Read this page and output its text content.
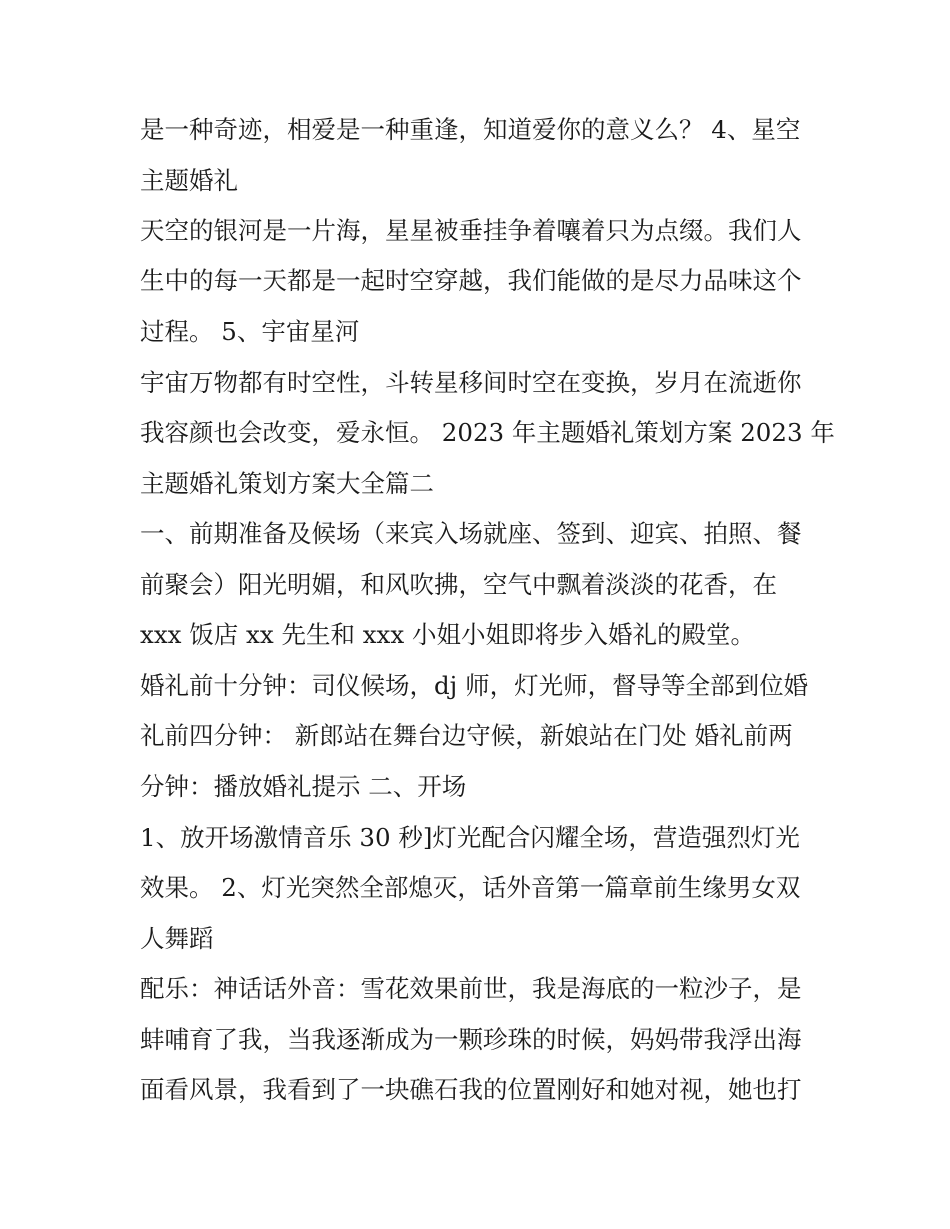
是一种奇迹，相爱是一种重逢，知道爱你的意义么？ 4、星空
主题婚礼
天空的银河是一片海，星星被垂挂争着嚷着只为点缀。我们人
生中的每一天都是一起时空穿越，我们能做的是尽力品味这个
过程。 5、宇宙星河
宇宙万物都有时空性，斗转星移间时空在变换，岁月在流逝你
我容颜也会改变，爱永恒。 2023 年主题婚礼策划方案 2023 年
主题婚礼策划方案大全篇二
一、前期准备及候场（来宾入场就座、签到、迎宾、拍照、餐
前聚会）阳光明媚，和风吹拂，空气中飘着淡淡的花香，在
xxx 饭店 xx 先生和 xxx 小姐小姐即将步入婚礼的殿堂。
婚礼前十分钟：司仪候场，dj 师，灯光师，督导等全部到位婚
礼前四分钟： 新郎站在舞台边守候，新娘站在门处 婚礼前两
分钟：播放婚礼提示 二、开场
1、放开场激情音乐 30 秒]灯光配合闪耀全场，营造强烈灯光
效果。 2、灯光突然全部熄灭，话外音第一篇章前生缘男女双
人舞蹈
配乐：神话话外音：雪花效果前世，我是海底的一粒沙子，是
蚌哺育了我，当我逐渐成为一颗珍珠的时候，妈妈带我浮出海
面看风景，我看到了一块礁石我的位置刚好和她对视，她也打
